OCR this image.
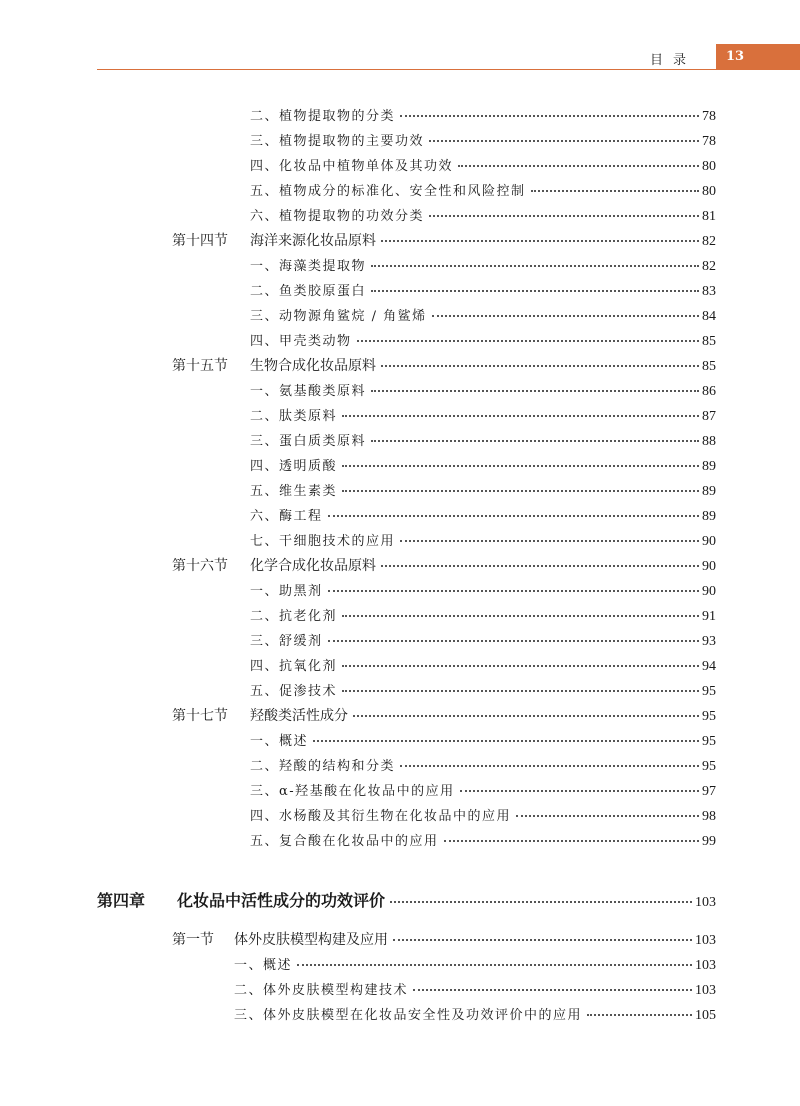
目录 13
二、植物提取物的分类	78
三、植物提取物的主要功效	78
四、化妆品中植物单体及其功效	80
五、植物成分的标准化、安全性和风险控制	80
六、植物提取物的功效分类	81
第十四节	海洋来源化妆品原料	82
一、海藻类提取物	82
二、鱼类胶原蛋白	83
三、动物源角鲨烷 / 角鲨烯	84
四、甲壳类动物	85
第十五节	生物合成化妆品原料	85
一、氨基酸类原料	86
二、肽类原料	87
三、蛋白质类原料	88
四、透明质酸	89
五、维生素类	89
六、酶工程	89
七、干细胞技术的应用	90
第十六节	化学合成化妆品原料	90
一、助黑剂	90
二、抗老化剂	91
三、舒缓剂	93
四、抗氧化剂	94
五、促渗技术	95
第十七节	羟酸类活性成分	95
一、概述	95
二、羟酸的结构和分类	95
三、α-羟基酸在化妆品中的应用	97
四、水杨酸及其衍生物在化妆品中的应用	98
五、复合酸在化妆品中的应用	99
第四章	化妆品中活性成分的功效评价	103
第一节	体外皮肤模型构建及应用	103
一、概述	103
二、体外皮肤模型构建技术	103
三、体外皮肤模型在化妆品安全性及功效评价中的应用	105
